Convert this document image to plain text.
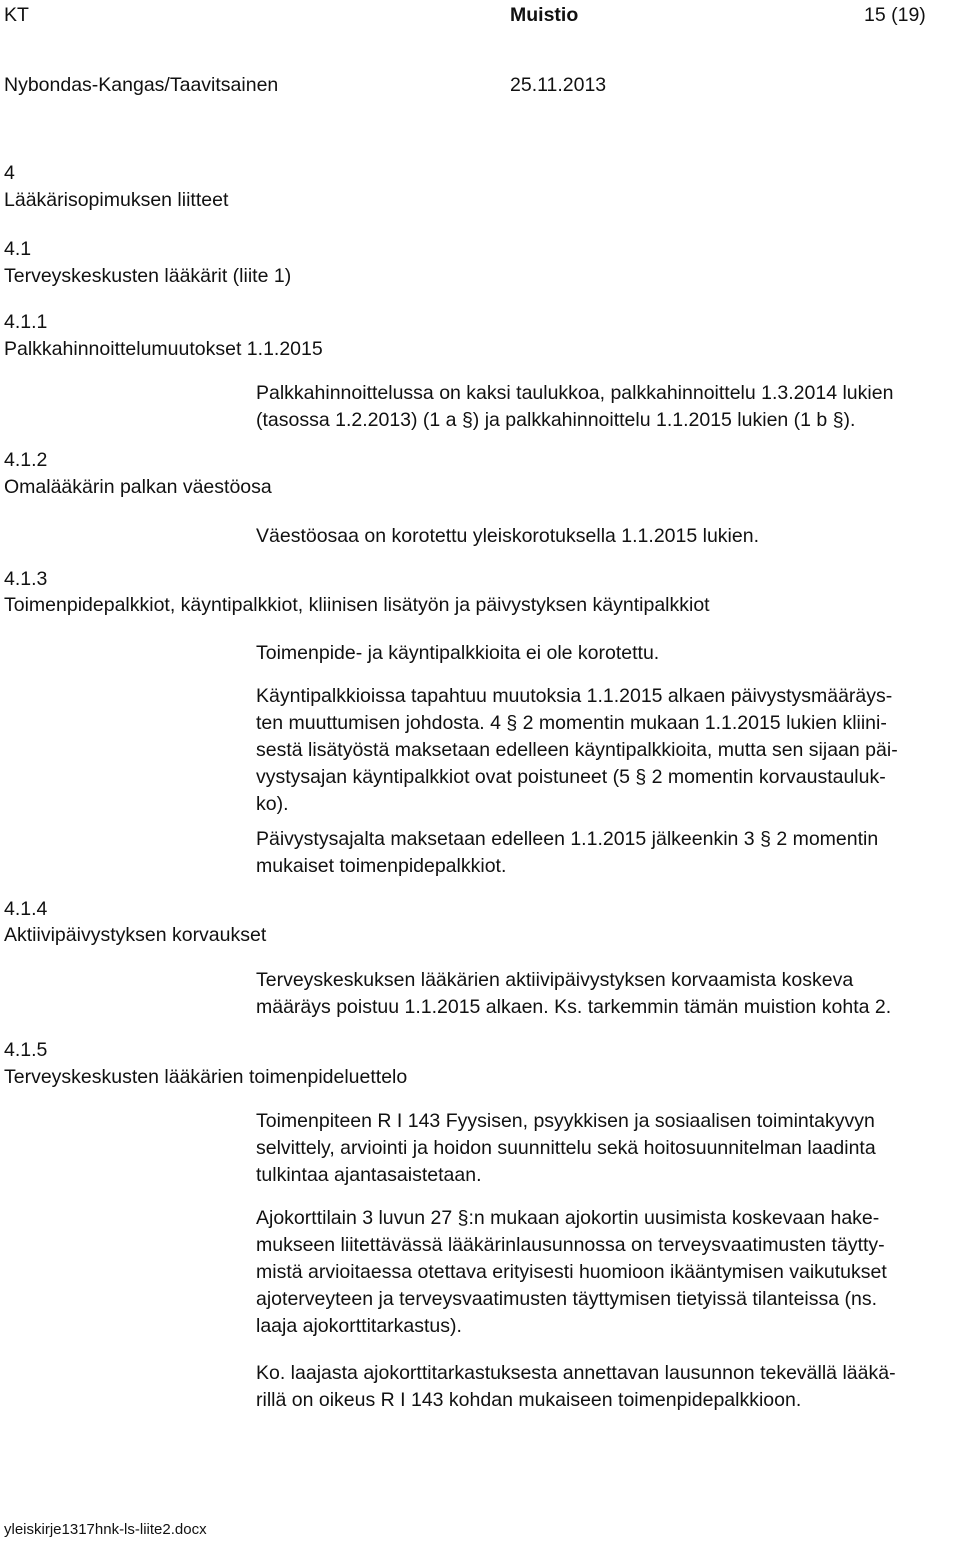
KT	Muistio	15 (19)
Nybondas-Kangas/Taavitsainen	25.11.2013
4
Lääkärisopimuksen liitteet
4.1
Terveyskeskusten lääkärit (liite 1)
4.1.1
Palkkahinnoittelumuutokset 1.1.2015
Palkkahinnoittelussa on kaksi taulukkoa, palkkahinnoittelu 1.3.2014 lukien
(tasossa 1.2.2013) (1 a §) ja palkkahinnoittelu 1.1.2015 lukien (1 b §).
4.1.2
Omalääkärin palkan väestöosa
Väestöosaa on korotettu yleiskorotuksella 1.1.2015 lukien.
4.1.3
Toimenpidepalkkiot, käyntipalkkiot, kliinisen lisätyön ja päivystyksen käyntipalkkiot
Toimenpide- ja käyntipalkkioita ei ole korotettu.
Käyntipalkkioissa tapahtuu muutoksia 1.1.2015 alkaen päivystysmääräys-
ten muuttumisen johdosta. 4 § 2 momentin mukaan 1.1.2015 lukien kliini-
sestä lisätyöstä maksetaan edelleen käyntipalkkioita, mutta sen sijaan päi-
vystysajan käyntipalkkiot ovat poistuneet (5 § 2 momentin korvaustauluk-
ko).
Päivystysajalta maksetaan edelleen 1.1.2015 jälkeenkin 3 § 2 momentin
mukaiset toimenpidepalkkiot.
4.1.4
Aktiivipäivystyksen korvaukset
Terveyskeskuksen lääkärien aktiivipäivystyksen korvaamista koskeva
määräys poistuu 1.1.2015 alkaen. Ks. tarkemmin tämän muistion kohta 2.
4.1.5
Terveyskeskusten lääkärien toimenpideluettelo
Toimenpiteen R I 143 Fyysisen, psyykkisen ja sosiaalisen toimintakyvyn
selvittely, arviointi ja hoidon suunnittelu sekä hoitosuunnitelman laadinta
tulkintaa ajantasaistetaan.
Ajokorttilain 3 luvun 27 §:n mukaan ajokortin uusimista koskevaan hake-
mukseen liitettävässä lääkärinlausunnossa on terveysvaatimusten täytty-
mistä arvioitaessa otettava erityisesti huomioon ikääntymisen vaikutukset
ajoterveyteen ja terveysvaatimusten täyttymisen tietyissä tilanteissa (ns.
laaja ajokorttitarkastus).
Ko. laajasta ajokorttitarkastuksesta annettavan lausunnon tekevällä lääkä-
rillä on oikeus R I 143 kohdan mukaiseen toimenpidepalkkioon.
yleiskirje1317hnk-ls-liite2.docx
